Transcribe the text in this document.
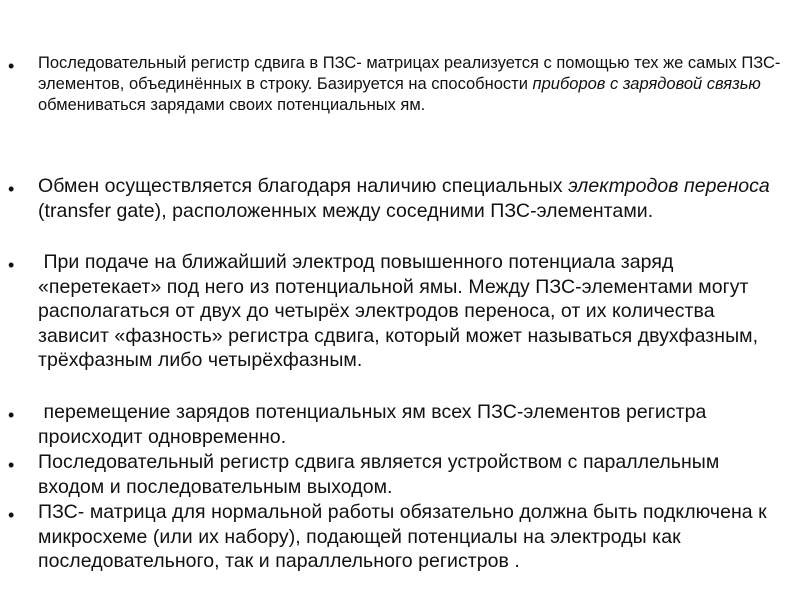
• Последовательный регистр сдвига в ПЗС- матрицах реализуется с помощью тех же самых ПЗС- элементов, объединённых в строку. Базируется на способности приборов с зарядовой связью обмениваться зарядами своих потенциальных ям.
• Обмен осуществляется благодаря наличию специальных электродов переноса (transfer gate), расположенных между соседними ПЗС-элементами.
• При подаче на ближайший электрод повышенного потенциала заряд «перетекает» под него из потенциальной ямы. Между ПЗС-элементами могут располагаться от двух до четырёх электродов переноса, от их количества зависит «фазность» регистра сдвига, который может называться двухфазным, трёхфазным либо четырёхфазным.
• перемещение зарядов потенциальных ям всех ПЗС-элементов регистра происходит одновременно.
• Последовательный регистр сдвига является устройством с параллельным входом и последовательным выходом.
• ПЗС- матрица для нормальной работы обязательно должна быть подключена к микросхеме (или их набору), подающей потенциалы на электроды как последовательного, так и параллельного регистров .
